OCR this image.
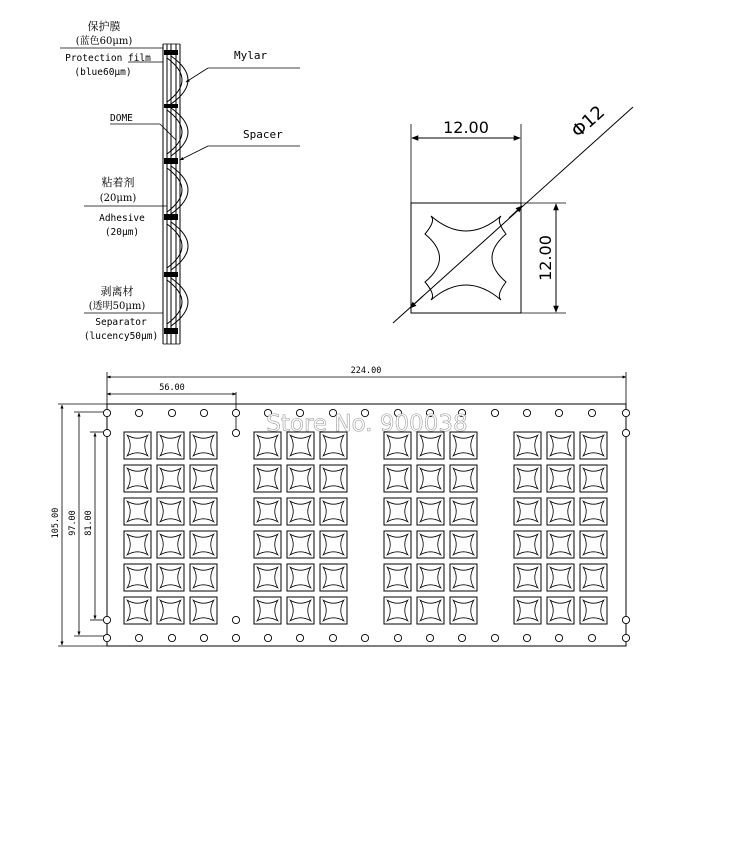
保护膜
(蓝色60μm)
Protection film
(blue60μm)
DOME
粘着剂
(20μm)
Adhesive
(20μm)
剥离材
(透明50μm)
Separator
(lucency50μm)
Mylar
Spacer	12.00
12.00
Φ12
224.00
56.00
105.00 97.00 81.00
Store No. 900038
